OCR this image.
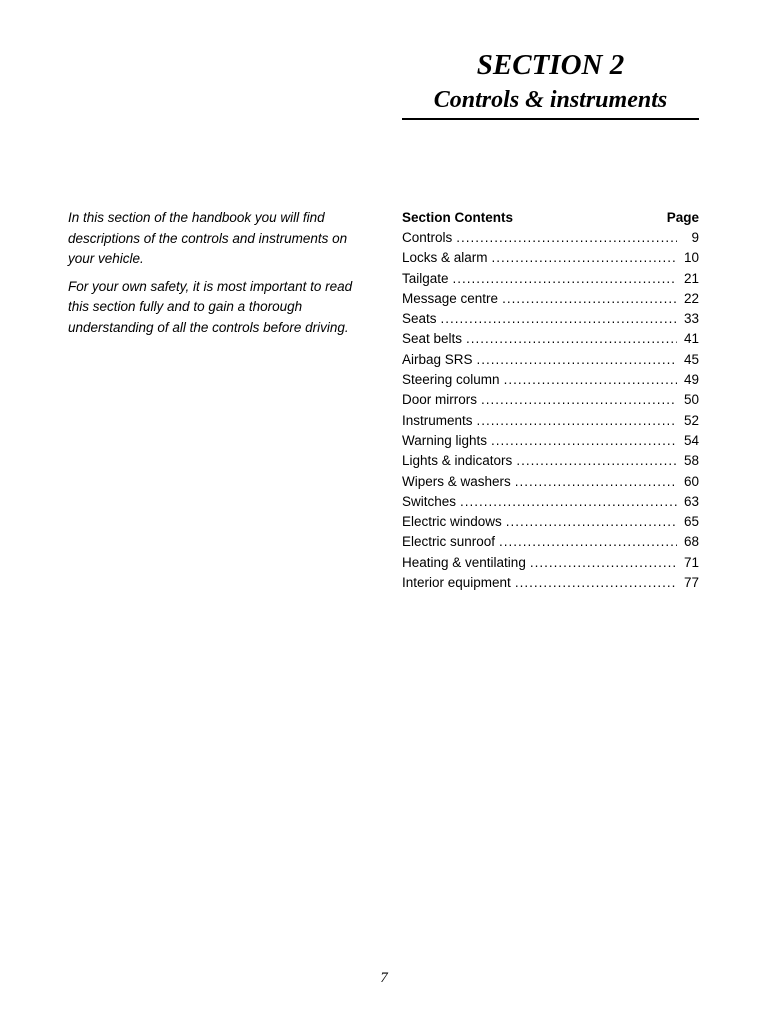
SECTION 2
Controls & instruments

In this section of the handbook you will find descriptions of the controls and instruments on your vehicle.

For your own safety, it is most important to read this section fully and to gain a thorough understanding of all the controls before driving.

Section Contents	Page
Controls .....	9
Locks & alarm .....	10
Tailgate .....	21
Message centre .....	22
Seats .....	33
Seat belts .....	41
Airbag SRS .....	45
Steering column .....	49
Door mirrors .....	50
Instruments .....	52
Warning lights .....	54
Lights & indicators .....	58
Wipers & washers .....	60
Switches .....	63
Electric windows .....	65
Electric sunroof .....	68
Heating & ventilating .....	71
Interior equipment .....	77
7
